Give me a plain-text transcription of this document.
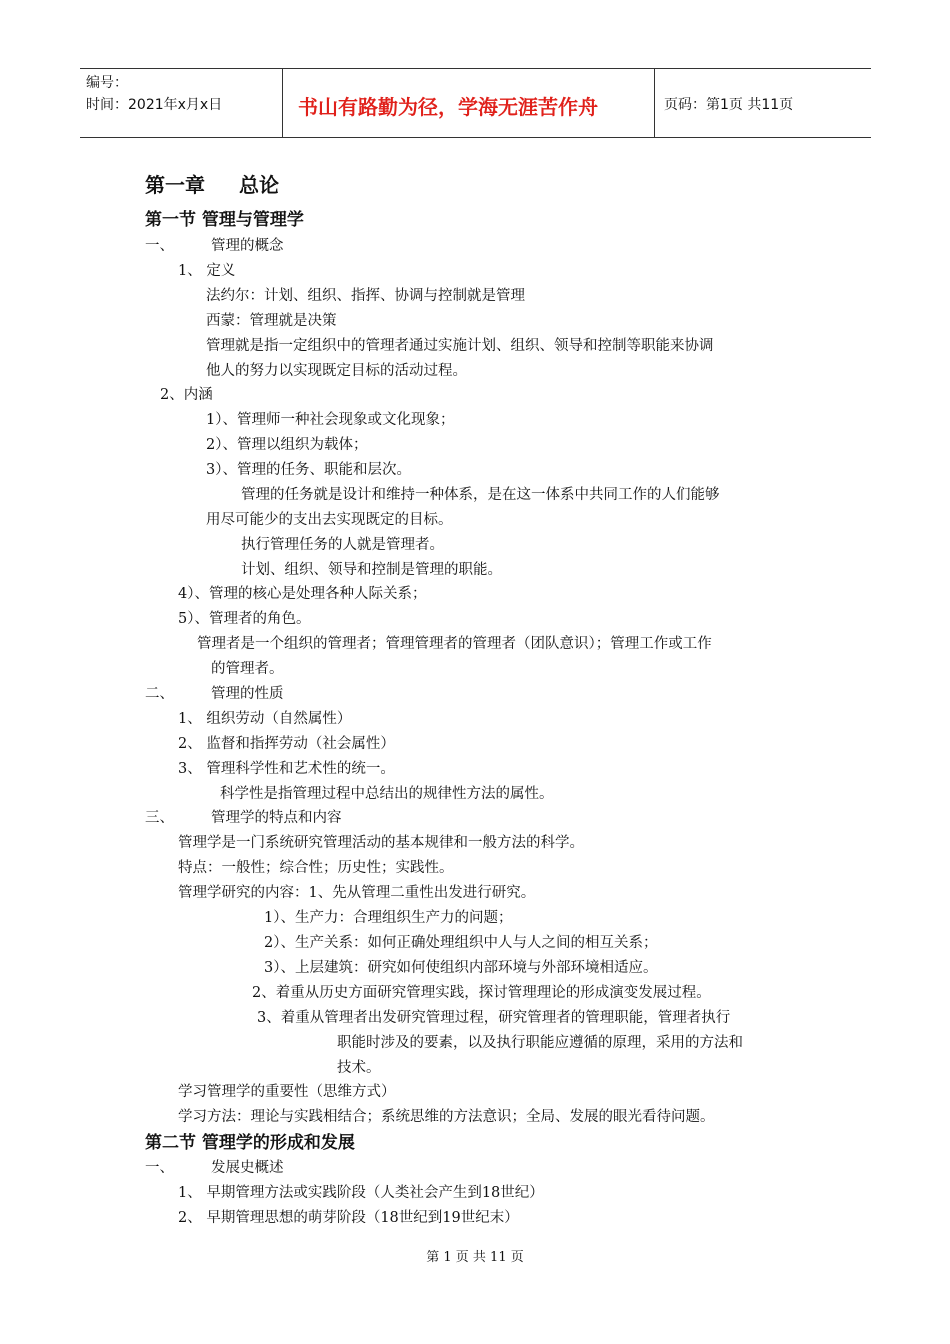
编号：
时间：2021年x月x日	书山有路勤为径，学海无涯苦作舟	页码：第1页 共11页
第一章 总论
第一节 管理与管理学
一、	管理的概念
1、 定义
法约尔：计划、组织、指挥、协调与控制就是管理
西蒙：管理就是决策
管理就是指一定组织中的管理者通过实施计划、组织、领导和控制等职能来协调
他人的努力以实现既定目标的活动过程。
2、内涵
1）、管理师一种社会现象或文化现象；
2）、管理以组织为载体；
3）、管理的任务、职能和层次。
管理的任务就是设计和维持一种体系，是在这一体系中共同工作的人们能够
用尽可能少的支出去实现既定的目标。
执行管理任务的人就是管理者。
计划、组织、领导和控制是管理的职能。
4）、管理的核心是处理各种人际关系；
5）、管理者的角色。
管理者是一个组织的管理者；管理管理者的管理者（团队意识）；管理工作或工作
的管理者。
二、	管理的性质
1、 组织劳动（自然属性）
2、 监督和指挥劳动（社会属性）
3、 管理科学性和艺术性的统一。
科学性是指管理过程中总结出的规律性方法的属性。
三、	管理学的特点和内容
管理学是一门系统研究管理活动的基本规律和一般方法的科学。
特点：一般性；综合性；历史性；实践性。
管理学研究的内容：1、先从管理二重性出发进行研究。
1）、生产力：合理组织生产力的问题；
2）、生产关系：如何正确处理组织中人与人之间的相互关系；
3）、上层建筑：研究如何使组织内部环境与外部环境相适应。
2、着重从历史方面研究管理实践，探讨管理理论的形成演变发展过程。
3、着重从管理者出发研究管理过程，研究管理者的管理职能，管理者执行
职能时涉及的要素，以及执行职能应遵循的原理，采用的方法和
技术。
学习管理学的重要性（思维方式）
学习方法：理论与实践相结合；系统思维的方法意识；全局、发展的眼光看待问题。
第二节 管理学的形成和发展
一、	发展史概述
1、 早期管理方法或实践阶段（人类社会产生到18世纪）
2、 早期管理思想的萌芽阶段（18世纪到19世纪末）
第 1 页 共 11 页
